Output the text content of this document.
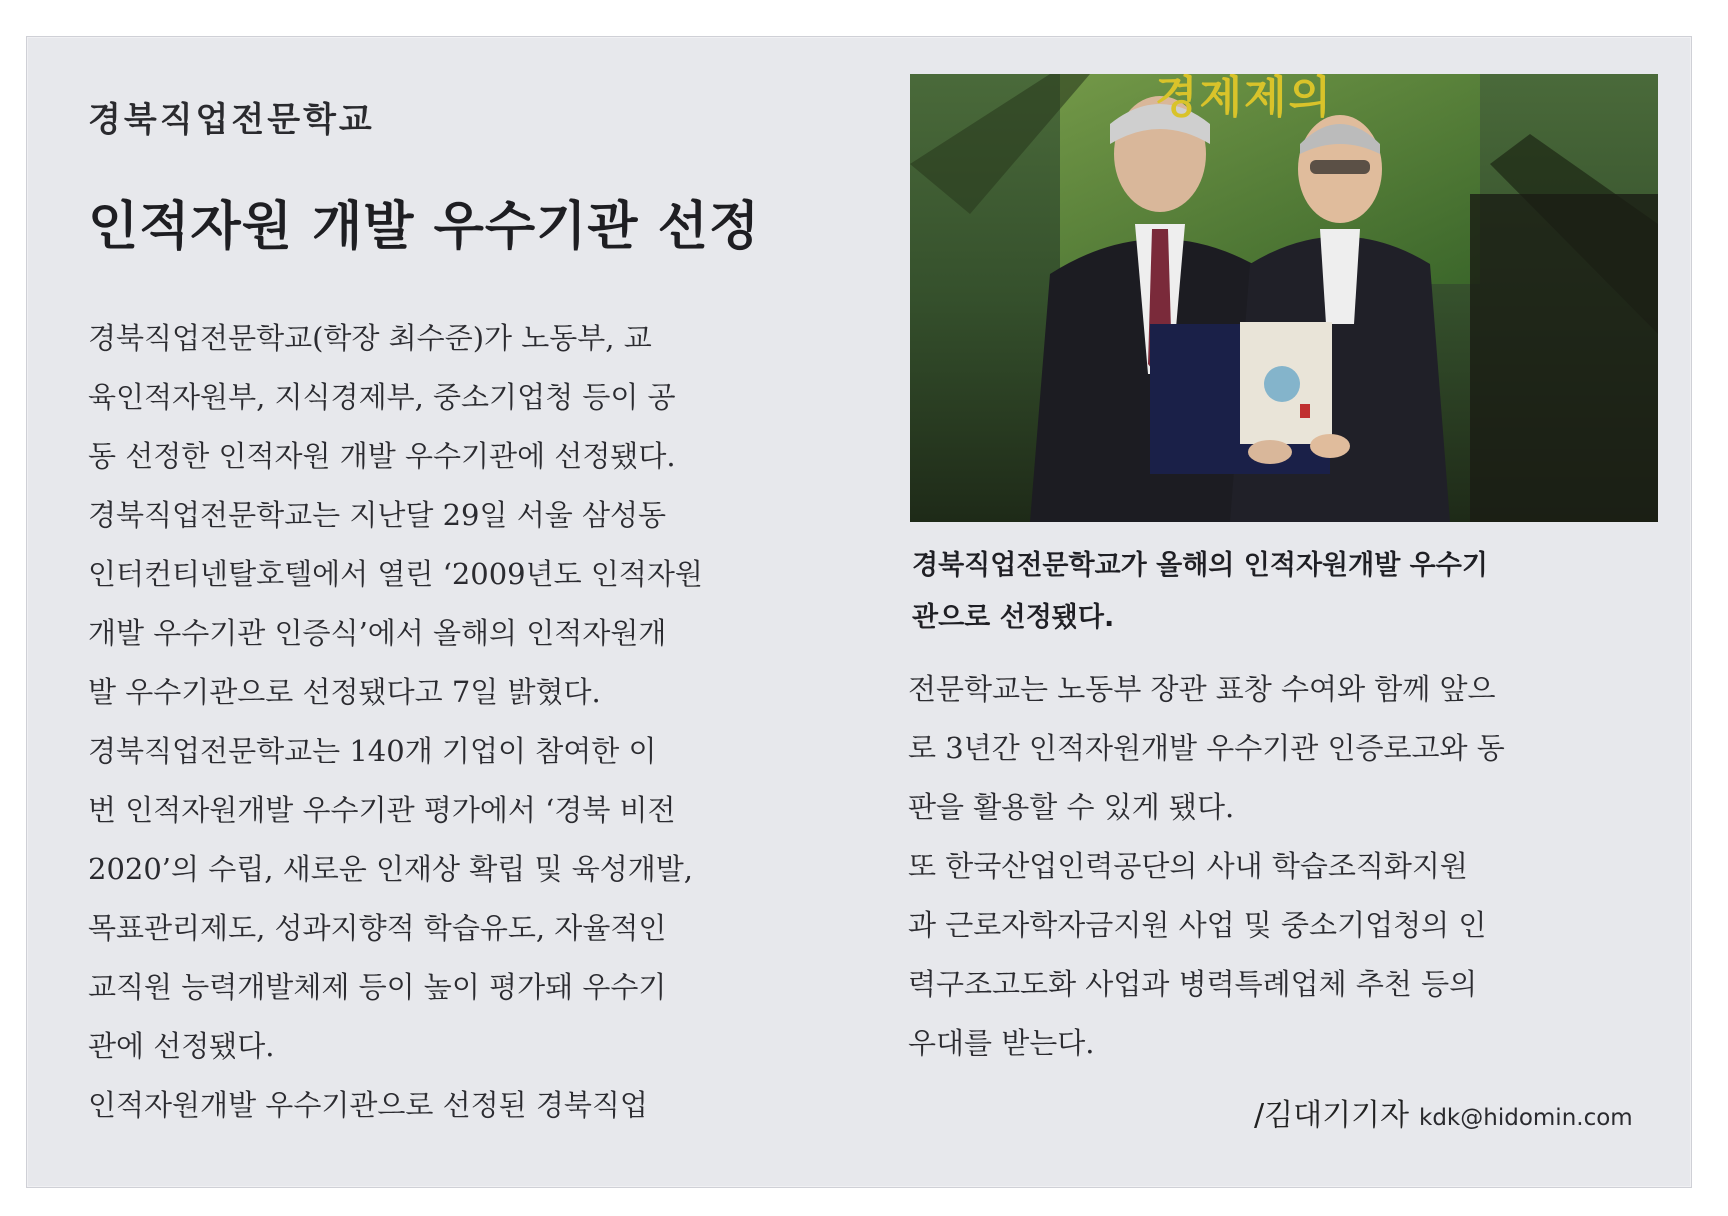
경북직업전문학교
인적자원 개발 우수기관 선정
경북직업전문학교(학장 최수준)가 노동부, 교
육인적자원부, 지식경제부, 중소기업청 등이 공
동 선정한 인적자원 개발 우수기관에 선정됐다.
경북직업전문학교는 지난달 29일 서울 삼성동
인터컨티넨탈호텔에서 열린 ‘2009년도 인적자원
개발 우수기관 인증식’에서 올해의 인적자원개
발 우수기관으로 선정됐다고 7일 밝혔다.
경북직업전문학교는 140개 기업이 참여한 이
번 인적자원개발 우수기관 평가에서 ‘경북 비전
2020’의 수립, 새로운 인재상 확립 및 육성개발,
목표관리제도, 성과지향적 학습유도, 자율적인
교직원 능력개발체제 등이 높이 평가돼 우수기
관에 선정됐다.
인적자원개발 우수기관으로 선정된 경북직업
경제제의
경북직업전문학교가 올해의 인적자원개발 우수기
관으로 선정됐다.
전문학교는 노동부 장관 표창 수여와 함께 앞으
로 3년간 인적자원개발 우수기관 인증로고와 동
판을 활용할 수 있게 됐다.
또 한국산업인력공단의 사내 학습조직화지원
과 근로자학자금지원 사업 및 중소기업청의 인
력구조고도화 사업과 병력특례업체 추천 등의
우대를 받는다.

/김대기기자 kdk@hidomin.com
